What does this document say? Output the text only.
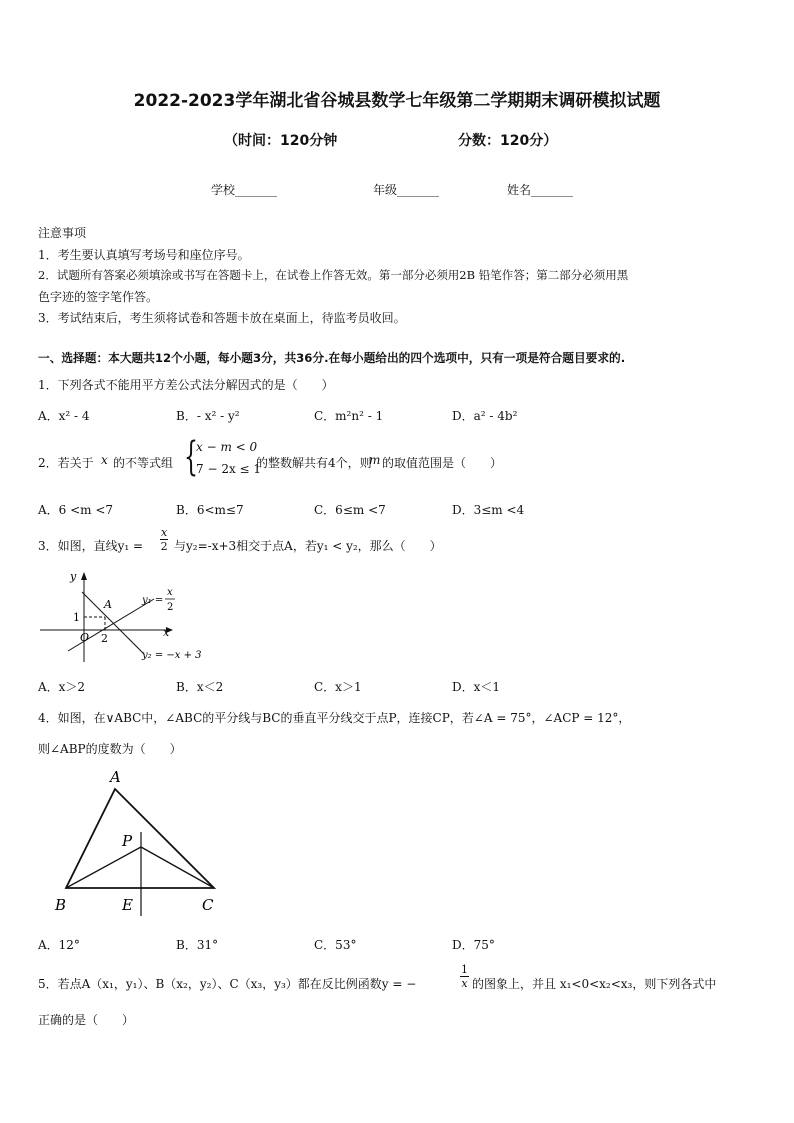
2022-2023学年湖北省谷城县数学七年级第二学期期末调研模拟试题
（时间：120分钟	分数：120分）
学校_______	年级_______	姓名_______
注意事项
1．考生要认真填写考场号和座位序号。
2．试题所有答案必须填涂或书写在答题卡上，在试卷上作答无效。第一部分必须用2B 铅笔作答；第二部分必须用黑
色字迹的签字笔作答。
3．考试结束后，考生须将试卷和答题卡放在桌面上，待监考员收回。
一、选择题：本大题共12个小题，每小题3分，共36分.在每小题给出的四个选项中，只有一项是符合题目要求的.
1．下列各式不能用平方差公式法分解因式的是（　　）
A．x² - 4	B．- x² - y²	C．m²n² - 1	D．a² - 4b²
2．若关于 x 的不等式组 {
x − m < 0
7 − 2x ≤ 1
的整数解共有4个，则
m 的取值范围是（　　）
A．6 <m <7	B．6<m≤7	C．6≤m <7	D．3≤m <4
3．如图，直线$y_1 = \frac{x}{2}$ 与y₂=-x+3相交于点A，若y₁ < y₂，那么（　　）
y
x
O 2
1
A	y₁ =
x
2
y₂ = −x + 3
A．x＞2	B．x＜2	C．x＞1	D．x＜1
4．如图，在∨ABC中，∠ABC的平分线与BC的垂直平分线交于点P，连接CP，若∠A = 75°，∠ACP = 12°，
则∠ABP的度数为（　　）
A
B	C
E
P
A．12°	B．31°	C．53°	D．75°
5．若点A（x₁，y₁）、B（x₂，y₂）、C（x₃，y₃）都在反比例函数y = −	$\frac{1}{x}$ 的图象上，并且 x₁<0<x₂<x₃，则下列各式中
正确的是（　　）
